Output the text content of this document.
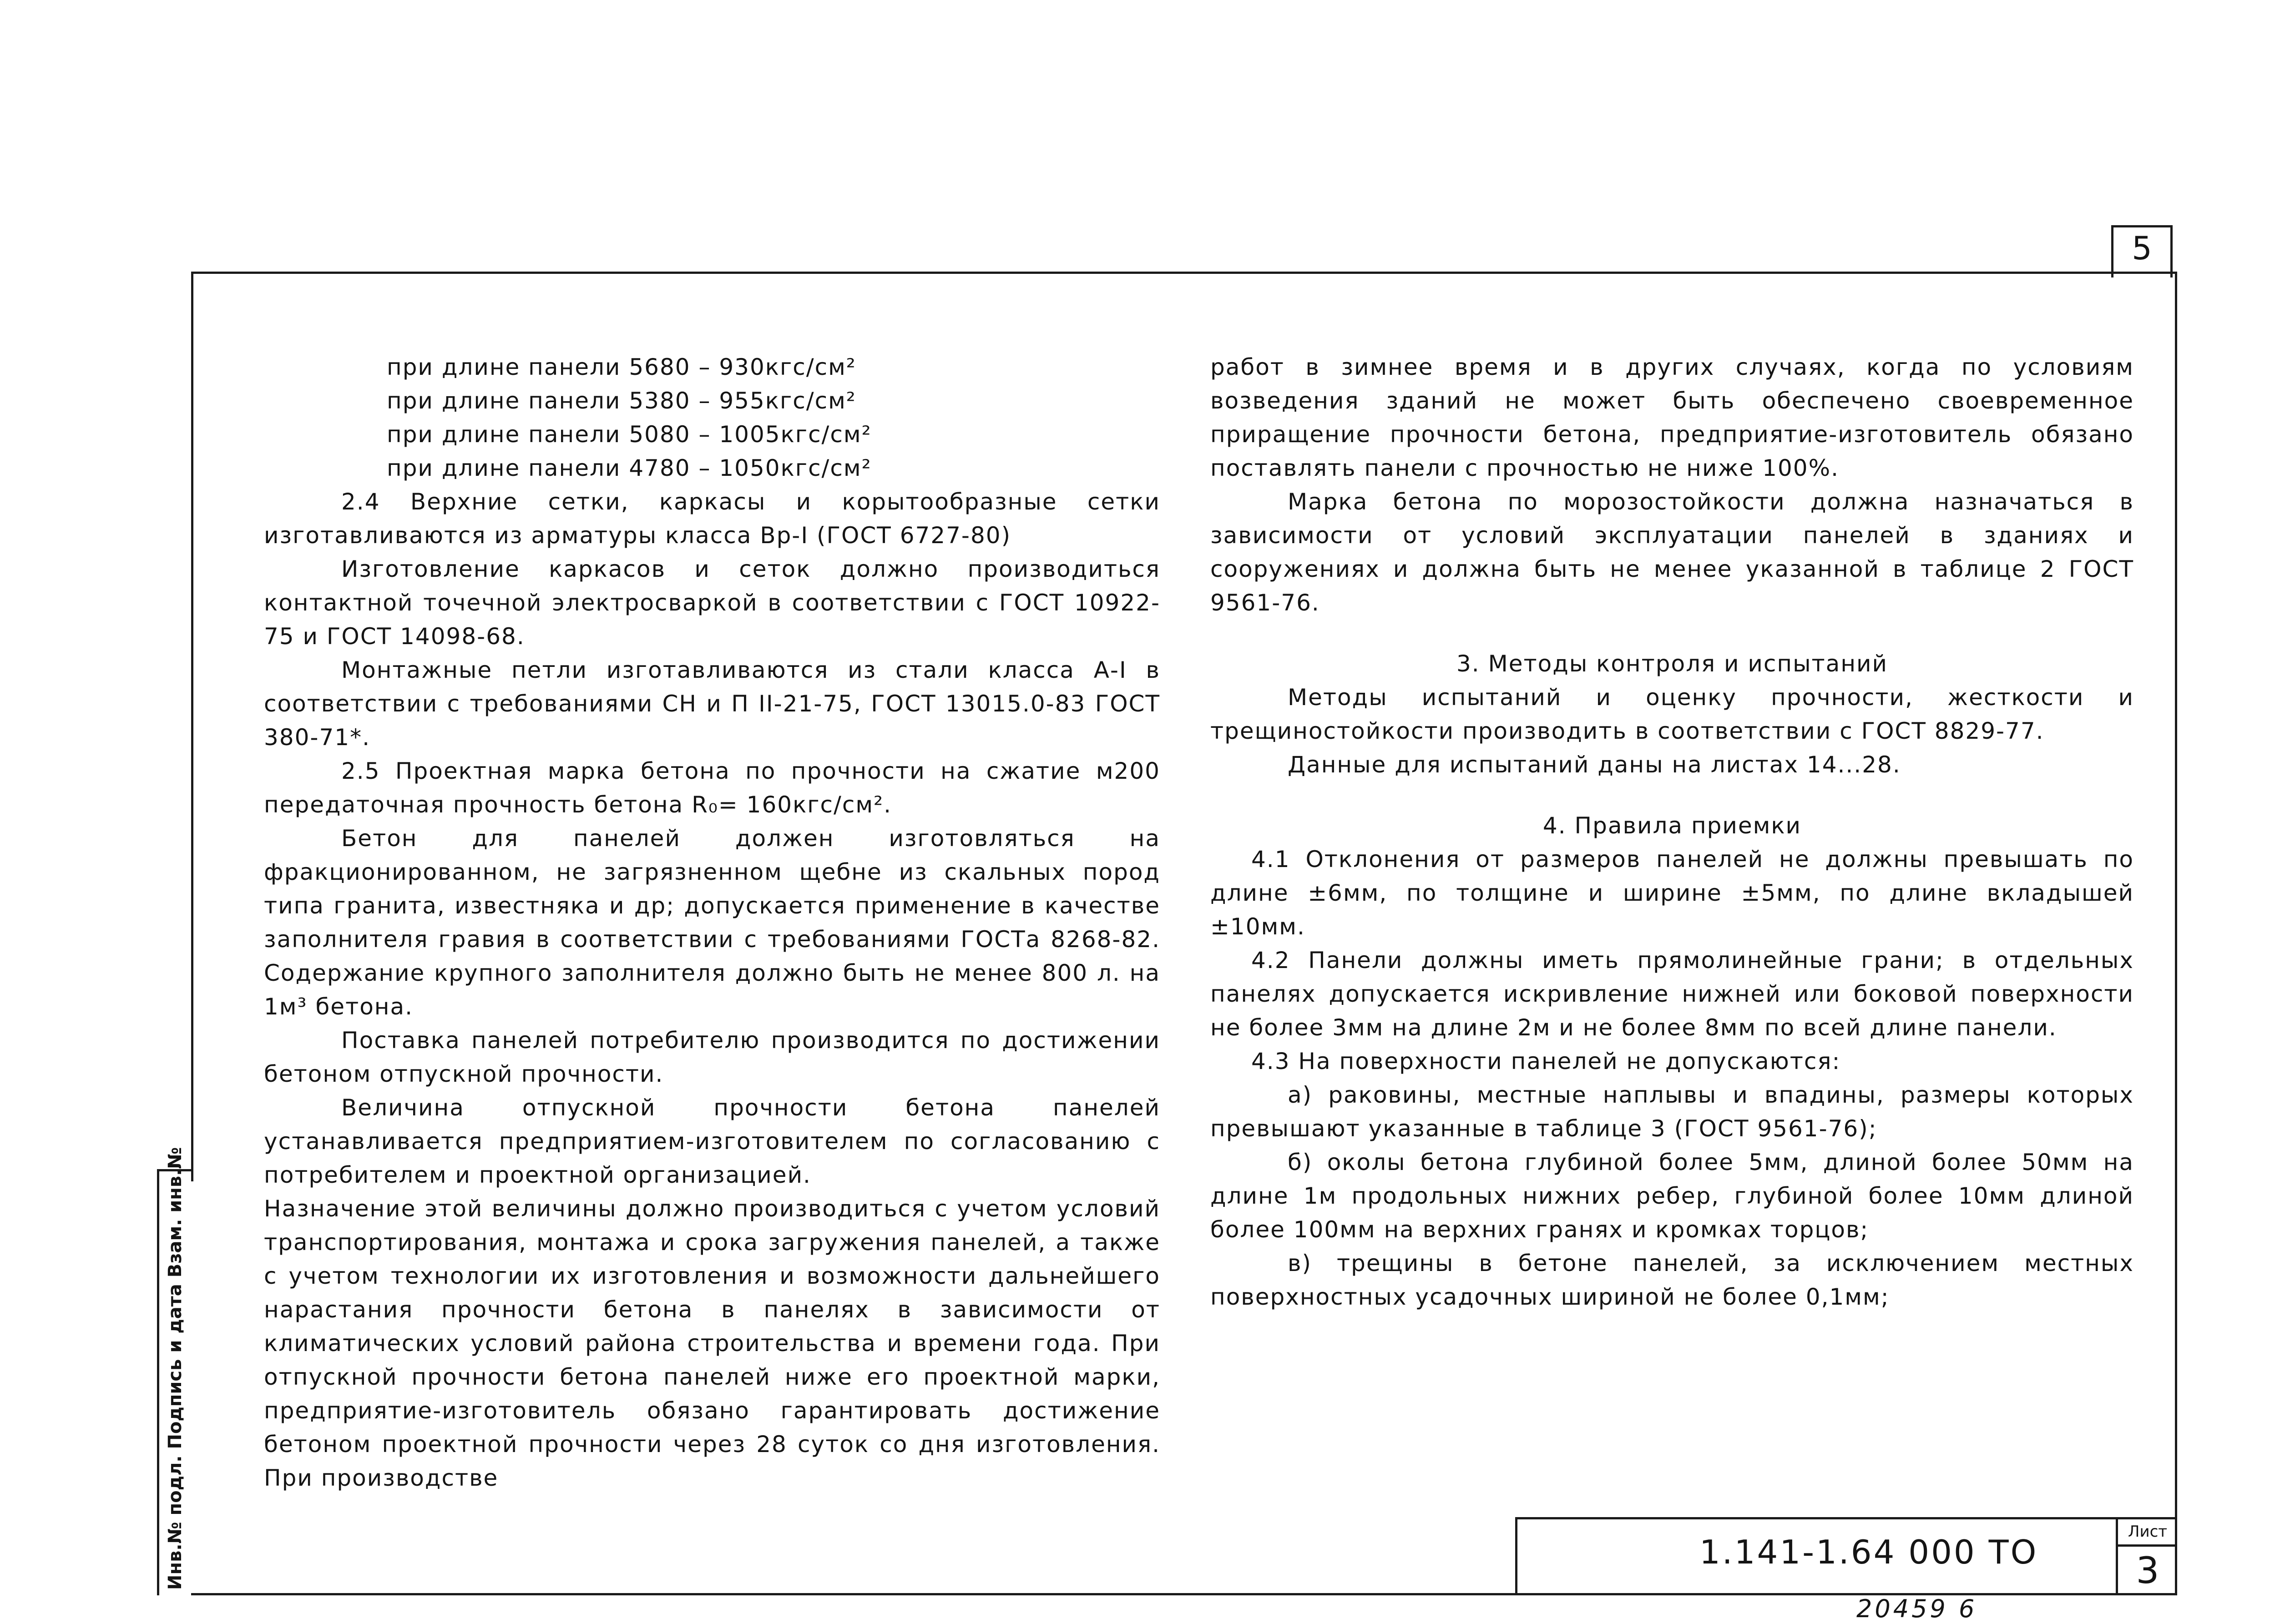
5
Инв.№ подл. Подпись и дата Взам. инв.№

при длине панели 5680 – 930кгс/см²

при длине панели 5380 – 955кгс/см²

при длине панели 5080 – 1005кгс/см²

при длине панели 4780 – 1050кгс/см²

2.4 Верхние сетки, каркасы и корытообразные сетки изготавливаются из арматуры класса Вр-I (ГОСТ 6727-80)

Изготовление каркасов и сеток должно производиться контактной точечной электросваркой в соответствии с ГОСТ 10922-75 и ГОСТ 14098-68.

Монтажные петли изготавливаются из стали класса А-I в соответствии с требованиями СН и П II-21-75, ГОСТ 13015.0-83 ГОСТ 380-71*.

2.5 Проектная марка бетона по прочности на сжатие м200 передаточная прочность бетона R₀= 160кгс/см².

Бетон для панелей должен изготовляться на фракционированном, не загрязненном щебне из скальных пород типа гранита, известняка и др; допускается применение в качестве заполнителя гравия в соответствии с требованиями ГОСТа 8268-82. Содержание крупного заполнителя должно быть не менее 800 л. на 1м³ бетона.

Поставка панелей потребителю производится по достижении бетоном отпускной прочности.

Величина отпускной прочности бетона панелей устанавливается предприятием-изготовителем по согласованию с потребителем и проектной организацией.

Назначение этой величины должно производиться с учетом условий транспортирования, монтажа и срока загружения панелей, а также с учетом технологии их изготовления и возможности дальнейшего нарастания прочности бетона в панелях в зависимости от климатических условий района строительства и времени года. При отпускной прочности бетона панелей ниже его проектной марки, предприятие-изготовитель обязано гарантировать достижение бетоном проектной прочности через 28 суток со дня изготовления. При производстве

работ в зимнее время и в других случаях, когда по условиям возведения зданий не может быть обеспечено своевременное приращение прочности бетона, предприятие-изготовитель обязано поставлять панели с прочностью не ниже 100%.

Марка бетона по морозостойкости должна назначаться в зависимости от условий эксплуатации панелей в зданиях и сооружениях и должна быть не менее указанной в таблице 2 ГОСТ 9561-76.

3. Методы контроля и испытаний

Методы испытаний и оценку прочности, жесткости и трещиностойкости производить в соответствии с ГОСТ 8829-77.

Данные для испытаний даны на листах 14...28.

4. Правила приемки

4.1 Отклонения от размеров панелей не должны превышать по длине ±6мм, по толщине и ширине ±5мм, по длине вкладышей ±10мм.

4.2 Панели должны иметь прямолинейные грани; в отдельных панелях допускается искривление нижней или боковой поверхности не более 3мм на длине 2м и не более 8мм по всей длине панели.

4.3 На поверхности панелей не допускаются:

а) раковины, местные наплывы и впадины, размеры которых превышают указанные в таблице 3 (ГОСТ 9561-76);

б) околы бетона глубиной более 5мм, длиной более 50мм на длине 1м продольных нижних ребер, глубиной более 10мм длиной более 100мм на верхних гранях и кромках торцов;

в) трещины в бетоне панелей, за исключением местных поверхностных усадочных шириной не более 0,1мм;

1.141-1.64 000 ТО
Лист
3
20459 6
